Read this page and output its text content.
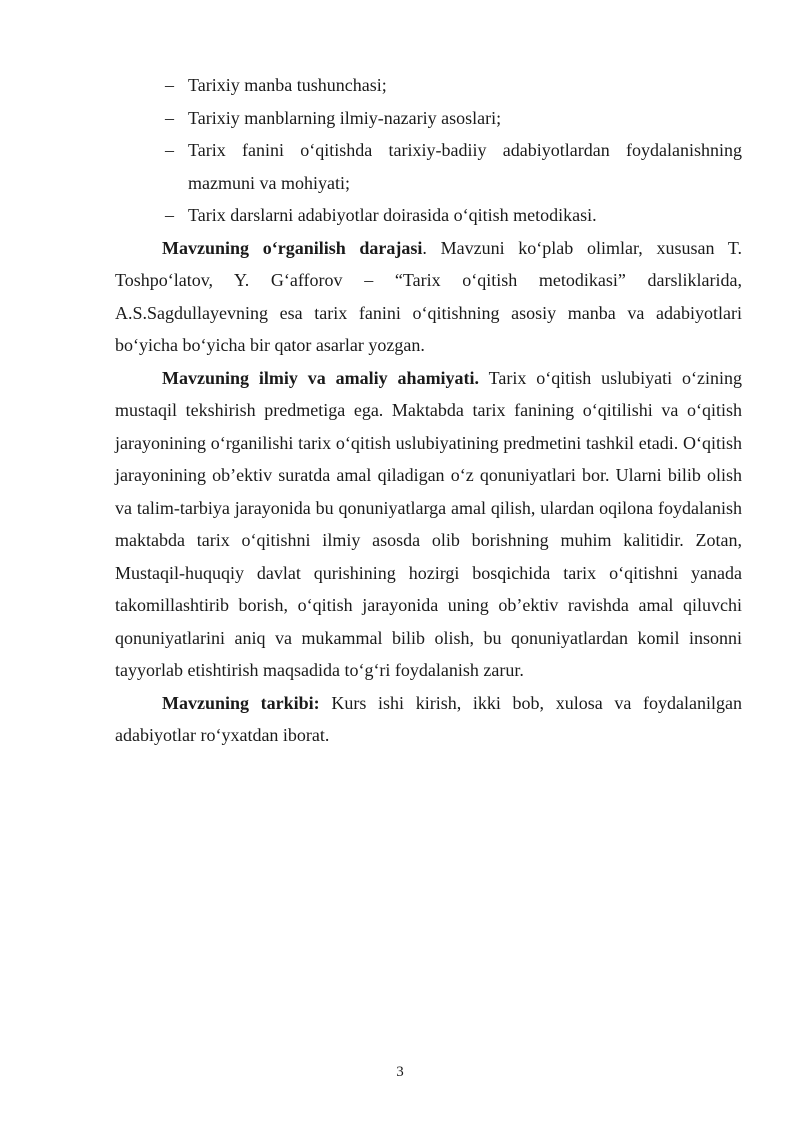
– Tarixiy manba tushunchasi;
– Tarixiy manblarning ilmiy-nazariy asoslari;
– Tarix fanini o‘qitishda tarixiy-badiiy adabiyotlardan foydalanishning mazmuni va mohiyati;
– Tarix darslarni adabiyotlar doirasida o‘qitish metodikasi.

Mavzuning o‘rganilish darajasi. Mavzuni ko‘plab olimlar, xususan T. Toshpo‘latov, Y. G‘afforov – “Tarix o‘qitish metodikasi” darsliklarida, A.S.Sagdullayevning esa tarix fanini o‘qitishning asosiy manba va adabiyotlari bo‘yicha bo‘yicha bir qator asarlar yozgan.

Mavzuning ilmiy va amaliy ahamiyati. Tarix o‘qitish uslubiyati o‘zining mustaqil tekshirish predmetiga ega. Maktabda tarix fanining o‘qitilishi va o‘qitish jarayonining o‘rganilishi tarix o‘qitish uslubiyatining predmetini tashkil etadi. O‘qitish jarayonining ob’ektiv suratda amal qiladigan o‘z qonuniyatlari bor. Ularni bilib olish va talim-tarbiya jarayonida bu qonuniyatlarga amal qilish, ulardan oqilona foydalanish maktabda tarix o‘qitishni ilmiy asosda olib borishning muhim kalitidir. Zotan, Mustaqil-huquqiy davlat qurishining hozirgi bosqichida tarix o‘qitishni yanada takomillashtirib borish, o‘qitish jarayonida uning ob’ektiv ravishda amal qiluvchi qonuniyatlarini aniq va mukammal bilib olish, bu qonuniyatlardan komil insonni tayyorlab etishtirish maqsadida to‘g‘ri foydalanish zarur.

Mavzuning tarkibi: Kurs ishi kirish, ikki bob, xulosa va foydalanilgan adabiyotlar ro‘yxatdan iborat.

3
